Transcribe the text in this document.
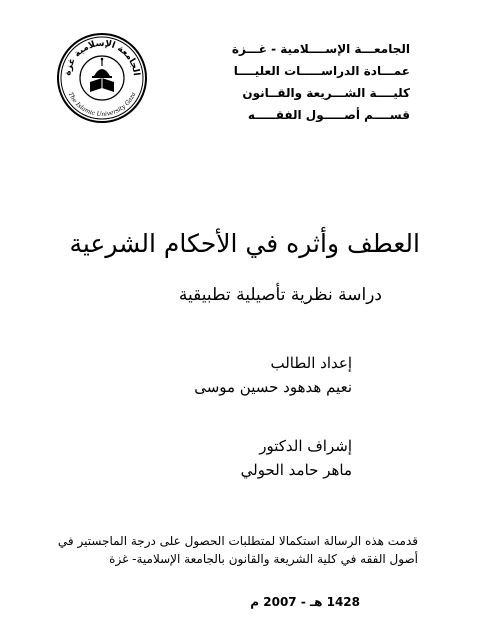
الجامعـــة الإســــلامية - غـــزة
عمـــادة الدراســـــات العليــــا
كليــــة الشـــريعة والقــانون
قســــم أصـــــول الفقـــــه
الجامعة الإسلامية غزة
The Islamic University Gaza
العطف وأثره في الأحكام الشرعية
دراسة نظرية تأصيلية تطبيقية
إعداد الطالب
نعيم هدهود حسين موسى
إشراف الدكتور
ماهر حامد الحولي
قدمت هذه الرسالة استكمالا لمتطلبات الحصول على درجة الماجستير في
أصول الفقه في كلية الشريعة والقانون بالجامعة الإسلامية- غزة
1428 هـ - 2007 م
